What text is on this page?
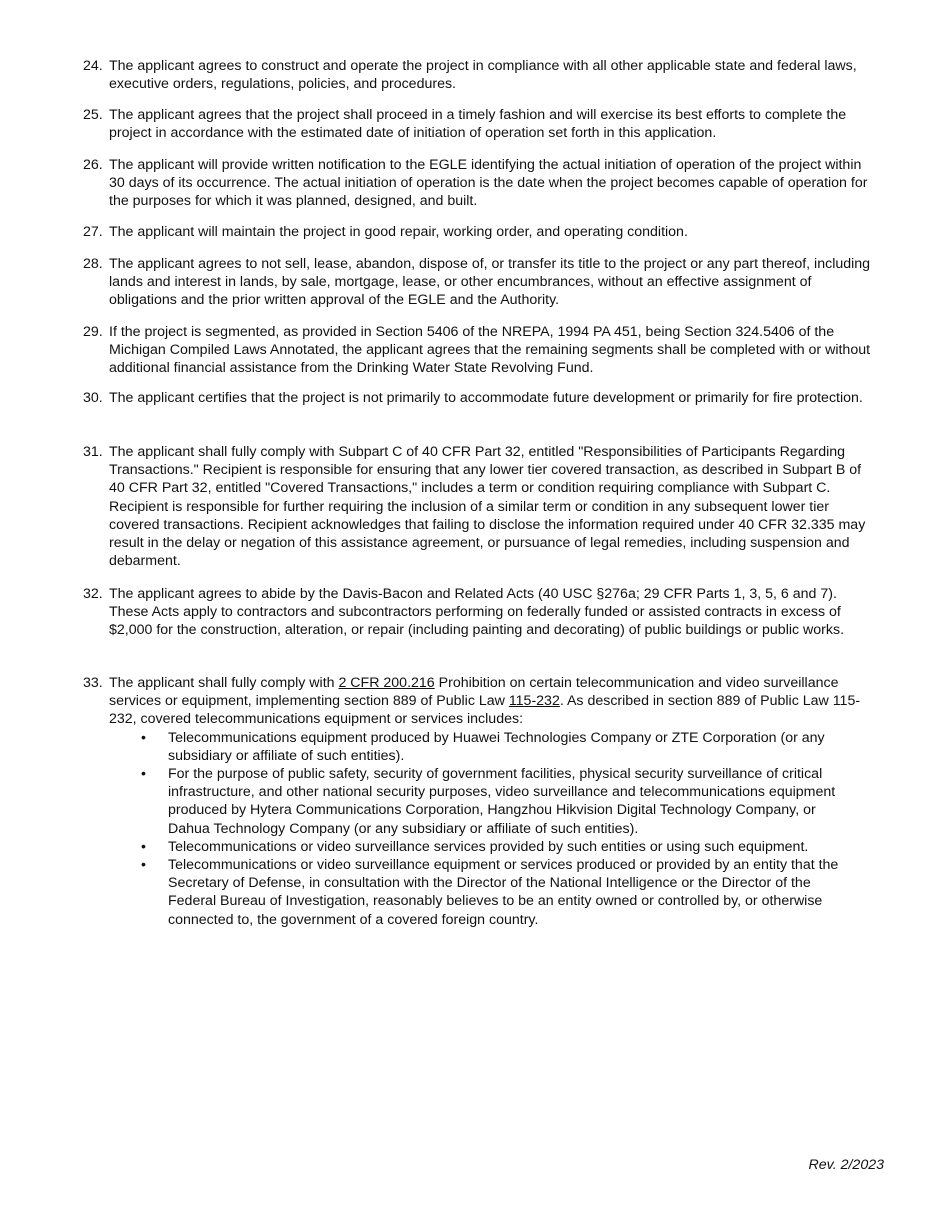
24. The applicant agrees to construct and operate the project in compliance with all other applicable state and federal laws, executive orders, regulations, policies, and procedures.
25. The applicant agrees that the project shall proceed in a timely fashion and will exercise its best efforts to complete the project in accordance with the estimated date of initiation of operation set forth in this application.
26. The applicant will provide written notification to the EGLE identifying the actual initiation of operation of the project within 30 days of its occurrence. The actual initiation of operation is the date when the project becomes capable of operation for the purposes for which it was planned, designed, and built.
27. The applicant will maintain the project in good repair, working order, and operating condition.
28. The applicant agrees to not sell, lease, abandon, dispose of, or transfer its title to the project or any part thereof, including lands and interest in lands, by sale, mortgage, lease, or other encumbrances, without an effective assignment of obligations and the prior written approval of the EGLE and the Authority.
29. If the project is segmented, as provided in Section 5406 of the NREPA, 1994 PA 451, being Section 324.5406 of the Michigan Compiled Laws Annotated, the applicant agrees that the remaining segments shall be completed with or without additional financial assistance from the Drinking Water State Revolving Fund.
30. The applicant certifies that the project is not primarily to accommodate future development or primarily for fire protection.
31. The applicant shall fully comply with Subpart C of 40 CFR Part 32, entitled "Responsibilities of Participants Regarding Transactions." Recipient is responsible for ensuring that any lower tier covered transaction, as described in Subpart B of 40 CFR Part 32, entitled "Covered Transactions," includes a term or condition requiring compliance with Subpart C. Recipient is responsible for further requiring the inclusion of a similar term or condition in any subsequent lower tier covered transactions. Recipient acknowledges that failing to disclose the information required under 40 CFR 32.335 may result in the delay or negation of this assistance agreement, or pursuance of legal remedies, including suspension and debarment.
32. The applicant agrees to abide by the Davis-Bacon and Related Acts (40 USC §276a; 29 CFR Parts 1, 3, 5, 6 and 7). These Acts apply to contractors and subcontractors performing on federally funded or assisted contracts in excess of $2,000 for the construction, alteration, or repair (including painting and decorating) of public buildings or public works.
33. The applicant shall fully comply with 2 CFR 200.216 Prohibition on certain telecommunication and video surveillance services or equipment, implementing section 889 of Public Law 115-232. As described in section 889 of Public Law 115-232, covered telecommunications equipment or services includes:
• Telecommunications equipment produced by Huawei Technologies Company or ZTE Corporation (or any subsidiary or affiliate of such entities).
• For the purpose of public safety, security of government facilities, physical security surveillance of critical infrastructure, and other national security purposes, video surveillance and telecommunications equipment produced by Hytera Communications Corporation, Hangzhou Hikvision Digital Technology Company, or Dahua Technology Company (or any subsidiary or affiliate of such entities).
• Telecommunications or video surveillance services provided by such entities or using such equipment.
• Telecommunications or video surveillance equipment or services produced or provided by an entity that the Secretary of Defense, in consultation with the Director of the National Intelligence or the Director of the Federal Bureau of Investigation, reasonably believes to be an entity owned or controlled by, or otherwise connected to, the government of a covered foreign country.
Rev. 2/2023
